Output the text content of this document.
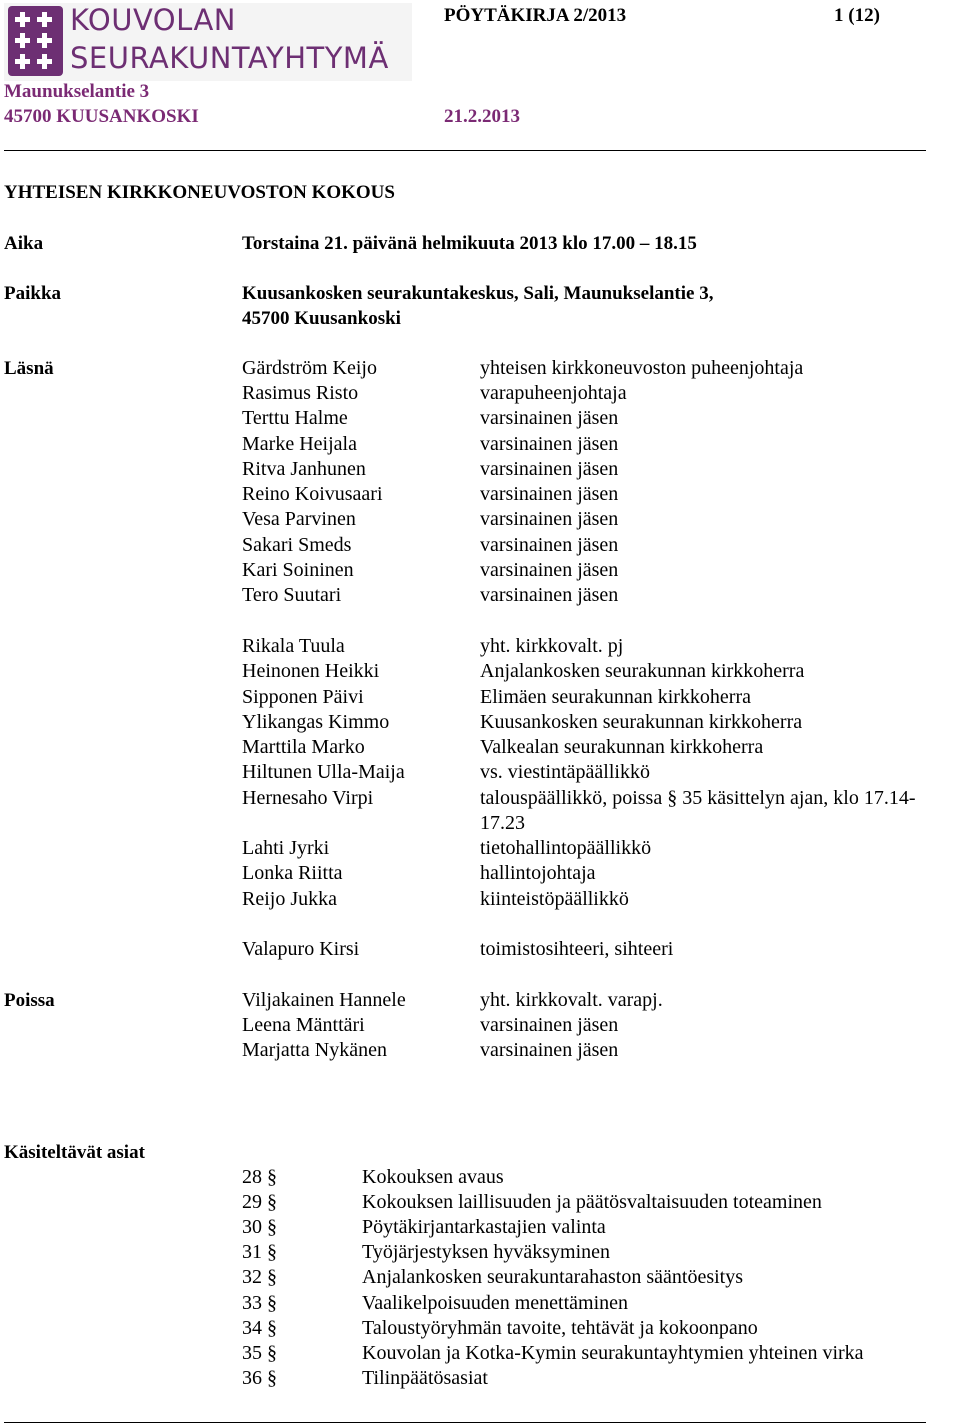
KOUVOLAN
SEURAKUNTAYHTYMÄ
PÖYTÄKIRJA 2/2013	1 (12)
Maunukselantie 3
45700 KUUSANKOSKI	21.2.2013
YHTEISEN KIRKKONEUVOSTON KOKOUS
Aika	Torstaina 21. päivänä helmikuuta 2013 klo 17.00 – 18.15
Paikka	Kuusankosken seurakuntakeskus, Sali, Maunukselantie 3,
45700 Kuusankoski
Läsnä	Gärdström Keijo	yhteisen kirkkoneuvoston puheenjohtaja
Rasimus Risto	varapuheenjohtaja
Terttu Halme	varsinainen jäsen
Marke Heijala	varsinainen jäsen
Ritva Janhunen	varsinainen jäsen
Reino Koivusaari	varsinainen jäsen
Vesa Parvinen	varsinainen jäsen
Sakari Smeds	varsinainen jäsen
Kari Soininen	varsinainen jäsen
Tero Suutari	varsinainen jäsen
Rikala Tuula	yht. kirkkovalt. pj
Heinonen Heikki	Anjalankosken seurakunnan kirkkoherra
Sipponen Päivi	Elimäen seurakunnan kirkkoherra
Ylikangas Kimmo	Kuusankosken seurakunnan kirkkoherra
Marttila Marko	Valkealan seurakunnan kirkkoherra
Hiltunen Ulla-Maija	vs. viestintäpäällikkö
Hernesaho Virpi	talouspäällikkö, poissa § 35 käsittelyn ajan, klo 17.14-
17.23
Lahti Jyrki	tietohallintopäällikkö
Lonka Riitta	hallintojohtaja
Reijo Jukka	kiinteistöpäällikkö
Valapuro Kirsi	toimistosihteeri, sihteeri
Poissa	Viljakainen Hannele	yht. kirkkovalt. varapj.
Leena Mänttäri	varsinainen jäsen
Marjatta Nykänen	varsinainen jäsen
Käsiteltävät asiat
28 §	Kokouksen avaus
29 §	Kokouksen laillisuuden ja päätösvaltaisuuden toteaminen
30 §	Pöytäkirjantarkastajien valinta
31 §	Työjärjestyksen hyväksyminen
32 §	Anjalankosken seurakuntarahaston sääntöesitys
33 §	Vaalikelpoisuuden menettäminen
34 §	Taloustyöryhmän tavoite, tehtävät ja kokoonpano
35 §	Kouvolan ja Kotka-Kymin seurakuntayhtymien yhteinen virka
36 §	Tilinpäätösasiat
